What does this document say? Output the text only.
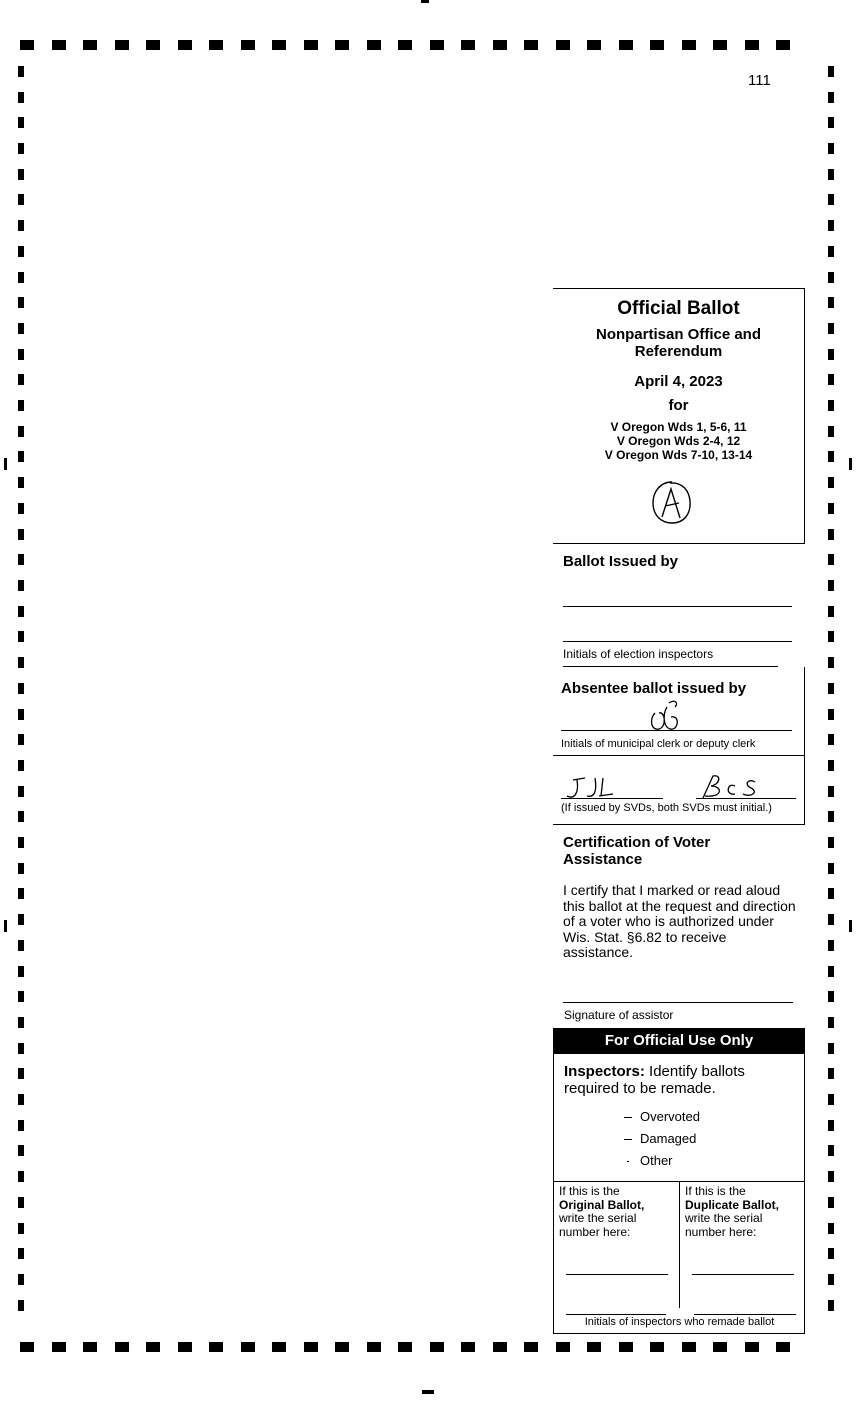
111
Official Ballot
Nonpartisan Office and Referendum
April 4, 2023
for
V Oregon Wds 1, 5-6, 11
V Oregon Wds 2-4, 12
V Oregon Wds 7-10, 13-14
Ballot Issued by
Initials of election inspectors
Absentee ballot issued by
Initials of municipal clerk or deputy clerk
(If issued by SVDs, both SVDs must initial.)
Certification of Voter Assistance
I certify that I marked or read aloud this ballot at the request and direction of a voter who is authorized under Wis. Stat. §6.82 to receive assistance.
Signature of assistor
For Official Use Only
Inspectors: Identify ballots required to be remade.
Overvoted
Damaged
Other
If this is the
Original Ballot,
write the serial number here:
If this is the
Duplicate Ballot,
write the serial number here:
Initials of inspectors who remade ballot
